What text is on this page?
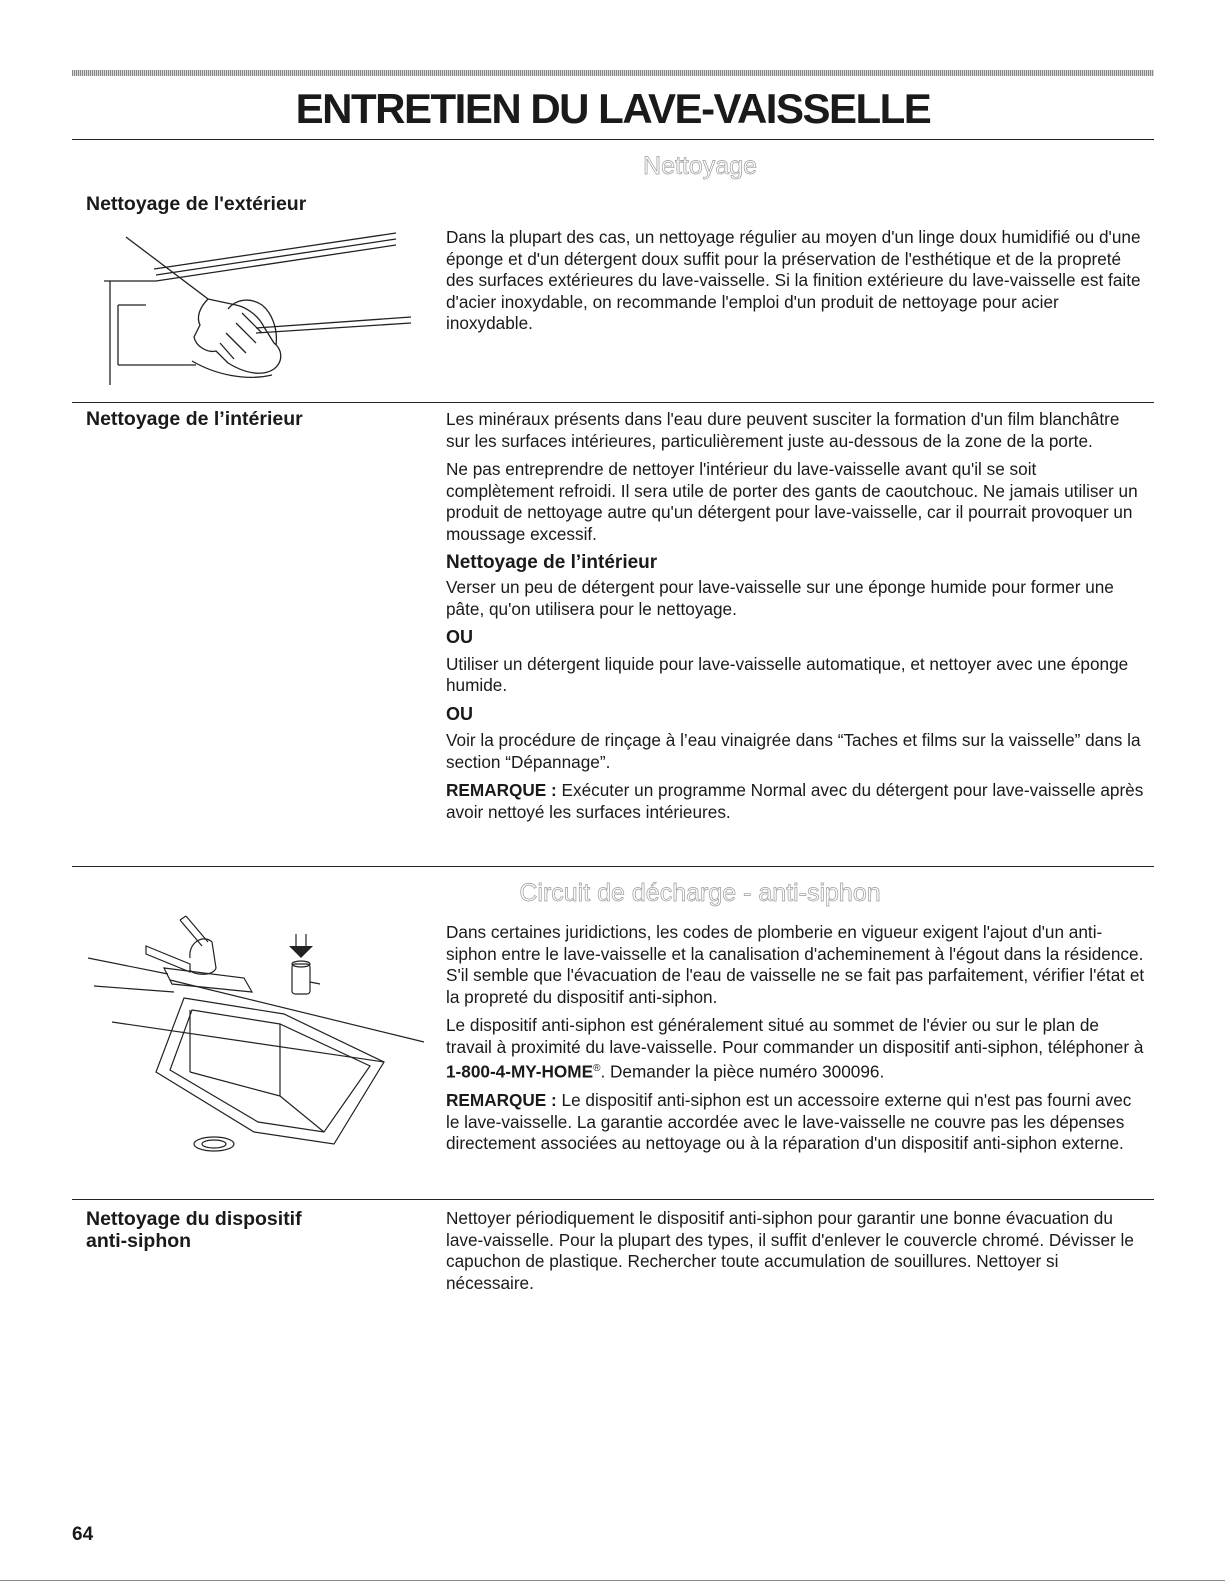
ENTRETIEN DU LAVE-VAISSELLE
Nettoyage
Nettoyage de l'extérieur

Dans la plupart des cas, un nettoyage régulier au moyen d'un linge doux humidifié ou d'une éponge et d'un détergent doux suffit pour la préservation de l'esthétique et de la propreté des surfaces extérieures du lave-vaisselle. Si la finition extérieure du lave-vaisselle est faite d'acier inoxydable, on recommande l'emploi d'un produit de nettoyage pour acier inoxydable.

Nettoyage de l’intérieur	Les minéraux présents dans l'eau dure peuvent susciter la formation d'un film blanchâtre sur les surfaces intérieures, particulièrement juste au-dessous de la zone de la porte.

Ne pas entreprendre de nettoyer l'intérieur du lave-vaisselle avant qu'il se soit complètement refroidi. Il sera utile de porter des gants de caoutchouc. Ne jamais utiliser un produit de nettoyage autre qu'un détergent pour lave-vaisselle, car il pourrait provoquer un moussage excessif.

Nettoyage de l’intérieur

Verser un peu de détergent pour lave-vaisselle sur une éponge humide pour former une pâte, qu'on utilisera pour le nettoyage.

OU

Utiliser un détergent liquide pour lave-vaisselle automatique, et nettoyer avec une éponge humide.

OU

Voir la procédure de rinçage à l’eau vinaigrée dans “Taches et films sur la vaisselle” dans la section “Dépannage”.

REMARQUE : Exécuter un programme Normal avec du détergent pour lave-vaisselle après avoir nettoyé les surfaces intérieures.

Circuit de décharge - anti-siphon

Dans certaines juridictions, les codes de plomberie en vigueur exigent l'ajout d'un anti-siphon entre le lave-vaisselle et la canalisation d'acheminement à l'égout dans la résidence. S'il semble que l'évacuation de l'eau de vaisselle ne se fait pas parfaitement, vérifier l'état et la propreté du dispositif anti-siphon.

Le dispositif anti-siphon est généralement situé au sommet de l'évier ou sur le plan de travail à proximité du lave-vaisselle. Pour commander un dispositif anti-siphon, téléphoner à 1-800-4-MY-HOME®. Demander la pièce numéro 300096.

REMARQUE : Le dispositif anti-siphon est un accessoire externe qui n'est pas fourni avec le lave-vaisselle. La garantie accordée avec le lave-vaisselle ne couvre pas les dépenses directement associées au nettoyage ou à la réparation d'un dispositif anti-siphon externe.

Nettoyage du dispositif
anti-siphon

Nettoyer périodiquement le dispositif anti-siphon pour garantir une bonne évacuation du lave-vaisselle. Pour la plupart des types, il suffit d'enlever le couvercle chromé. Dévisser le capuchon de plastique. Rechercher toute accumulation de souillures. Nettoyer si nécessaire.

64
